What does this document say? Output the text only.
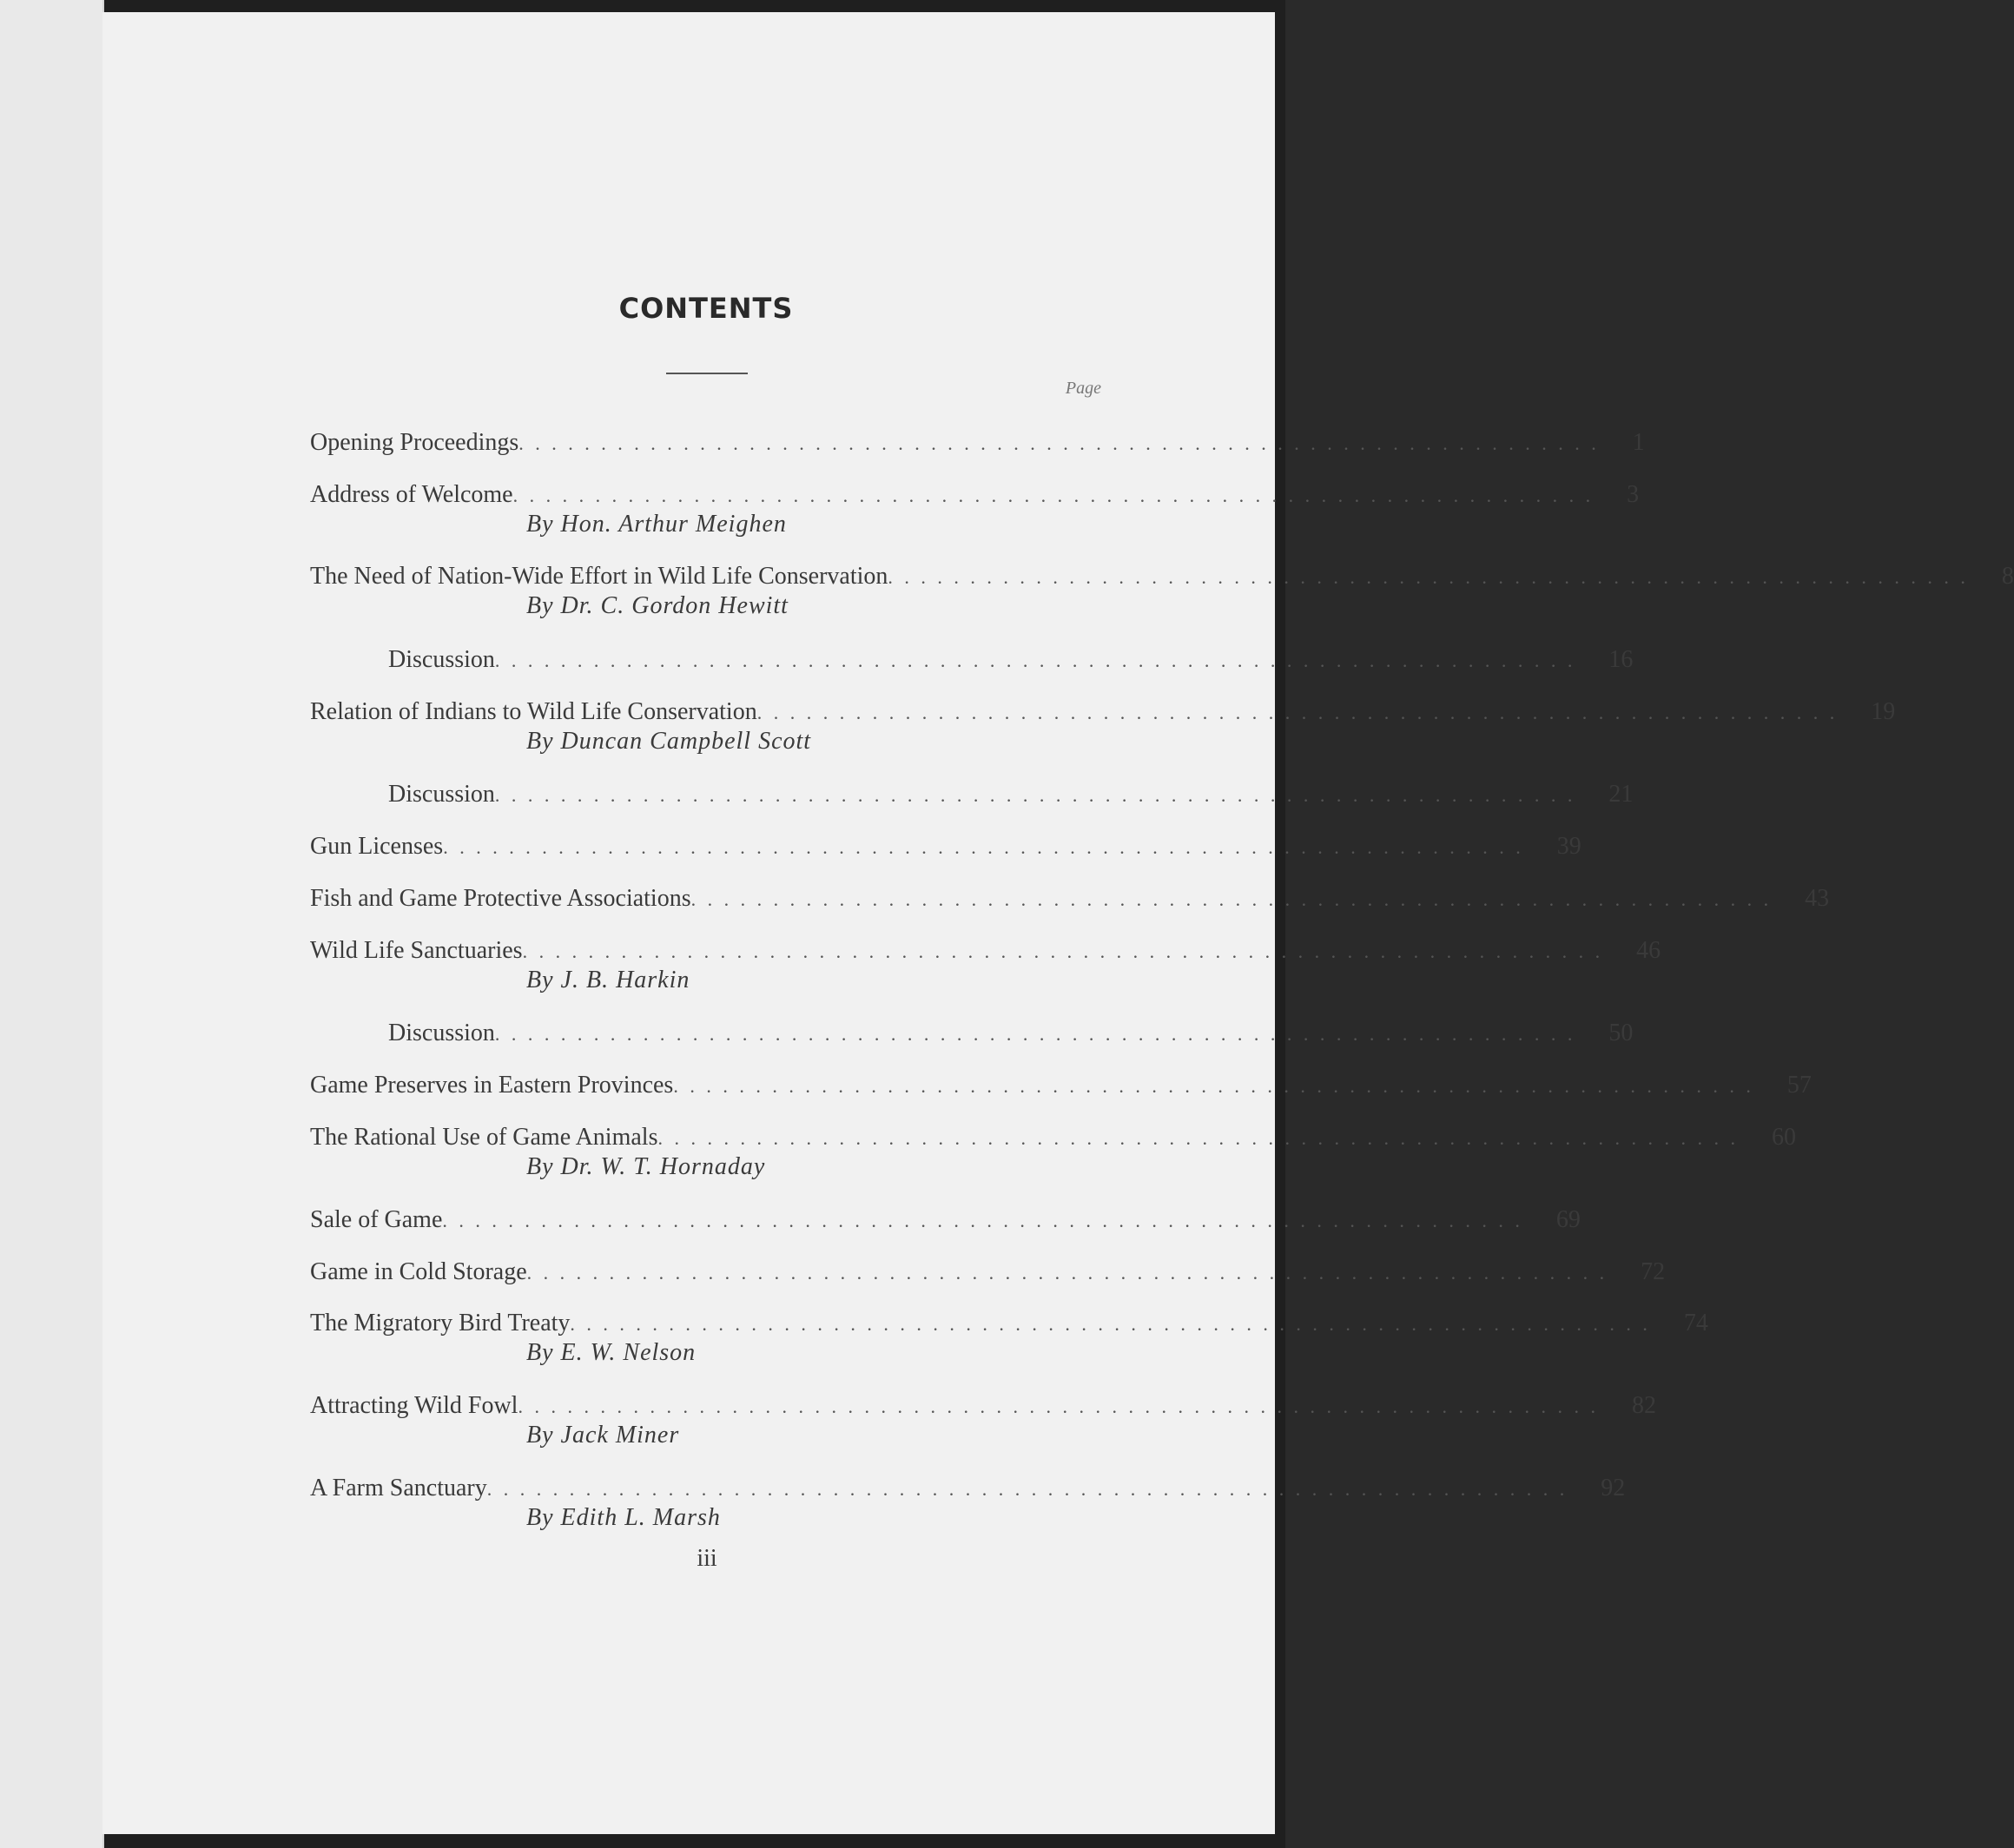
CONTENTS
Page
Opening Proceedings . . . . . . . . . . . . . . . . . . . . . . . . . . . . . . . . . . . . . . . . . . . . . . . . . . . . . . . . . . . . . . . . . . 1
Address of Welcome . . . . . . . . . . . . . . . . . . . . . . . . . . . . . . . . . . . . . . . . . . . . . . . . . . . . . . . . . . . . . . . . . . 3
By Hon. Arthur Meighen
The Need of Nation-Wide Effort in Wild Life Conservation . . . . . . . . . . . . . . . . . . . . . . . . . . . . . . . . . . . . . . . . . . . . . . . . . . . . . . . . . . . . . . . . . . 8
By Dr. C. Gordon Hewitt
Discussion . . . . . . . . . . . . . . . . . . . . . . . . . . . . . . . . . . . . . . . . . . . . . . . . . . . . . . . . . . . . . . . . . . 16
Relation of Indians to Wild Life Conservation . . . . . . . . . . . . . . . . . . . . . . . . . . . . . . . . . . . . . . . . . . . . . . . . . . . . . . . . . . . . . . . . . . 19
By Duncan Campbell Scott
Discussion . . . . . . . . . . . . . . . . . . . . . . . . . . . . . . . . . . . . . . . . . . . . . . . . . . . . . . . . . . . . . . . . . . 21
Gun Licenses . . . . . . . . . . . . . . . . . . . . . . . . . . . . . . . . . . . . . . . . . . . . . . . . . . . . . . . . . . . . . . . . . . 39
Fish and Game Protective Associations . . . . . . . . . . . . . . . . . . . . . . . . . . . . . . . . . . . . . . . . . . . . . . . . . . . . . . . . . . . . . . . . . . 43
Wild Life Sanctuaries . . . . . . . . . . . . . . . . . . . . . . . . . . . . . . . . . . . . . . . . . . . . . . . . . . . . . . . . . . . . . . . . . . 46
By J. B. Harkin
Discussion . . . . . . . . . . . . . . . . . . . . . . . . . . . . . . . . . . . . . . . . . . . . . . . . . . . . . . . . . . . . . . . . . . 50
Game Preserves in Eastern Provinces . . . . . . . . . . . . . . . . . . . . . . . . . . . . . . . . . . . . . . . . . . . . . . . . . . . . . . . . . . . . . . . . . . 57
The Rational Use of Game Animals . . . . . . . . . . . . . . . . . . . . . . . . . . . . . . . . . . . . . . . . . . . . . . . . . . . . . . . . . . . . . . . . . . 60
By Dr. W. T. Hornaday
Sale of Game . . . . . . . . . . . . . . . . . . . . . . . . . . . . . . . . . . . . . . . . . . . . . . . . . . . . . . . . . . . . . . . . . . 69
Game in Cold Storage . . . . . . . . . . . . . . . . . . . . . . . . . . . . . . . . . . . . . . . . . . . . . . . . . . . . . . . . . . . . . . . . . . 72
The Migratory Bird Treaty . . . . . . . . . . . . . . . . . . . . . . . . . . . . . . . . . . . . . . . . . . . . . . . . . . . . . . . . . . . . . . . . . . 74
By E. W. Nelson
Attracting Wild Fowl . . . . . . . . . . . . . . . . . . . . . . . . . . . . . . . . . . . . . . . . . . . . . . . . . . . . . . . . . . . . . . . . . . 82
By Jack Miner
A Farm Sanctuary . . . . . . . . . . . . . . . . . . . . . . . . . . . . . . . . . . . . . . . . . . . . . . . . . . . . . . . . . . . . . . . . . . 92
By Edith L. Marsh
iii
